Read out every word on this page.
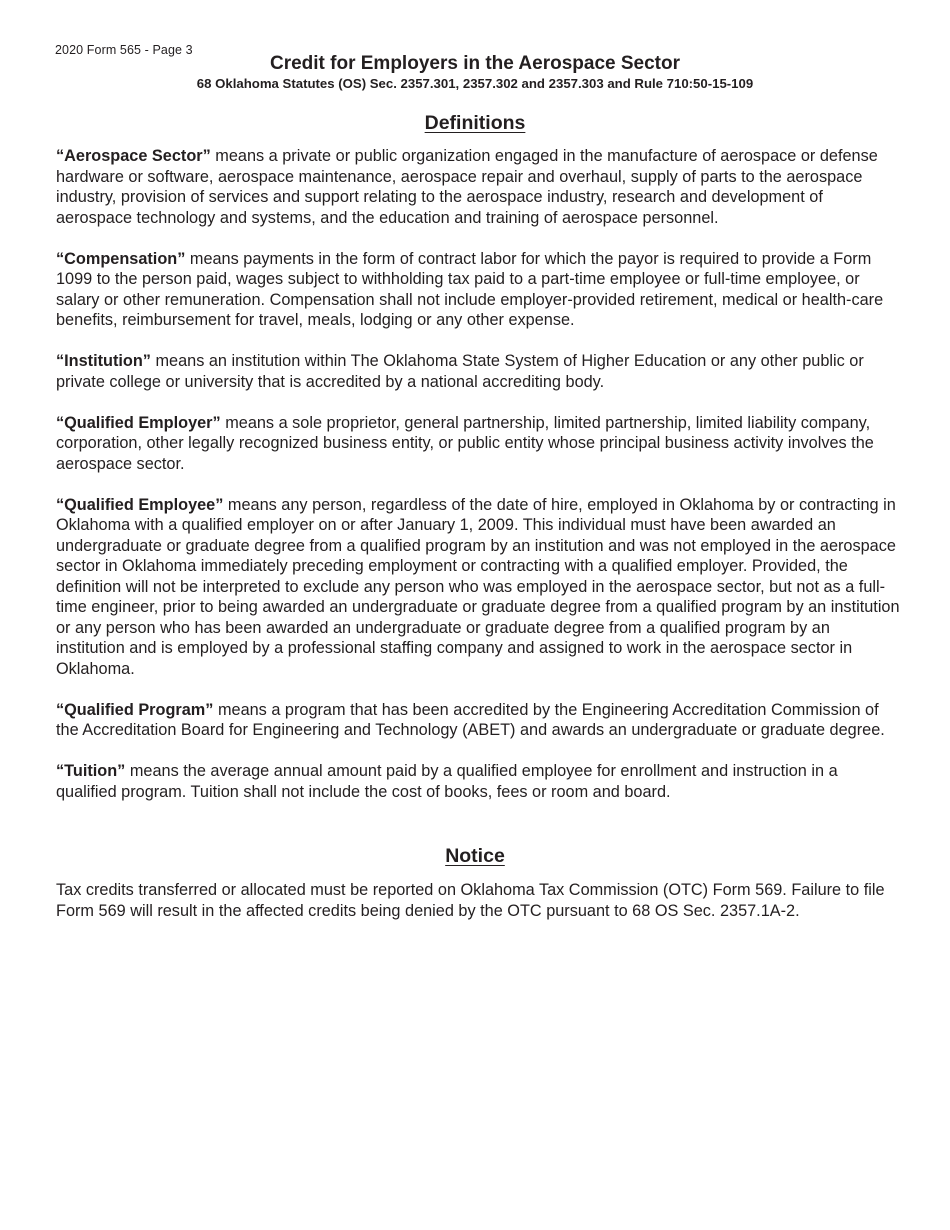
2020 Form 565 - Page 3
Credit for Employers in the Aerospace Sector

68 Oklahoma Statutes (OS) Sec. 2357.301, 2357.302 and 2357.303 and Rule 710:50-15-109

Definitions

“Aerospace Sector” means a private or public organization engaged in the manufacture of aerospace or defense hardware or software, aerospace maintenance, aerospace repair and overhaul, supply of parts to the aerospace industry, provision of services and support relating to the aerospace industry, research and development of aerospace technology and systems, and the education and training of aerospace personnel.

“Compensation” means payments in the form of contract labor for which the payor is required to provide a Form 1099 to the person paid, wages subject to withholding tax paid to a part-time employee or full-time employee, or salary or other remuneration. Compensation shall not include employer-provided retirement, medical or health-care benefits, reimbursement for travel, meals, lodging or any other expense.

“Institution” means an institution within The Oklahoma State System of Higher Education or any other public or private college or university that is accredited by a national accrediting body.

“Qualified Employer” means a sole proprietor, general partnership, limited partnership, limited liability company, corporation, other legally recognized business entity, or public entity whose principal business activity involves the aerospace sector.

“Qualified Employee” means any person, regardless of the date of hire, employed in Oklahoma by or contracting in Oklahoma with a qualified employer on or after January 1, 2009. This individual must have been awarded an undergraduate or graduate degree from a qualified program by an institution and was not employed in the aerospace sector in Oklahoma immediately preceding employment or contracting with a qualified employer. Provided, the definition will not be interpreted to exclude any person who was employed in the aerospace sector, but not as a full-time engineer, prior to being awarded an undergraduate or graduate degree from a qualified program by an institution or any person who has been awarded an undergraduate or graduate degree from a qualified program by an institution and is employed by a professional staffing company and assigned to work in the aerospace sector in Oklahoma.

“Qualified Program” means a program that has been accredited by the Engineering Accreditation Commission of the Accreditation Board for Engineering and Technology (ABET) and awards an undergraduate or graduate degree.

“Tuition” means the average annual amount paid by a qualified employee for enrollment and instruction in a qualified program. Tuition shall not include the cost of books, fees or room and board.

Notice

Tax credits transferred or allocated must be reported on Oklahoma Tax Commission (OTC) Form 569. Failure to file Form 569 will result in the affected credits being denied by the OTC pursuant to 68 OS Sec. 2357.1A-2.
